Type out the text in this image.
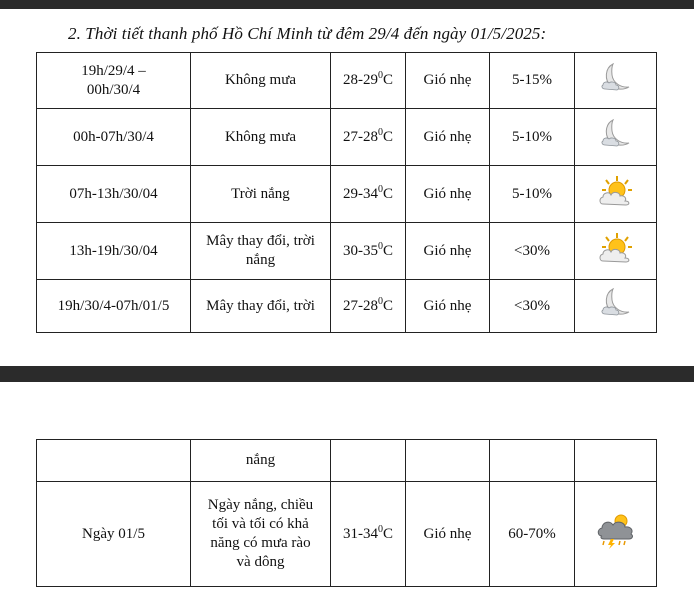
2. Thời tiết thanh phố Hồ Chí Minh từ đêm 29/4 đến ngày 01/5/2025:
19h/29/4 –
00h/30/4	Không mưa	$28-29^0C$	Gió nhẹ	5-15%	
00h-07h/30/4	Không mưa	$27-28^0C$	Gió nhẹ	5-10%	
07h-13h/30/04	Trời nắng	$29-34^0C$	Gió nhẹ	5-10%	
13h-19h/30/04	Mây thay đổi, trời
nắng	$30-35^0C$	Gió nhẹ	<30%	
19h/30/4-07h/01/5	Mây thay đổi, trời	$27-28^0C$	Gió nhẹ	<30%	
	nắng				
Ngày 01/5	Ngày nắng, chiều
tối và tối có khả
năng có mưa rào
và dông	$31-34^0C$	Gió nhẹ	60-70%	
